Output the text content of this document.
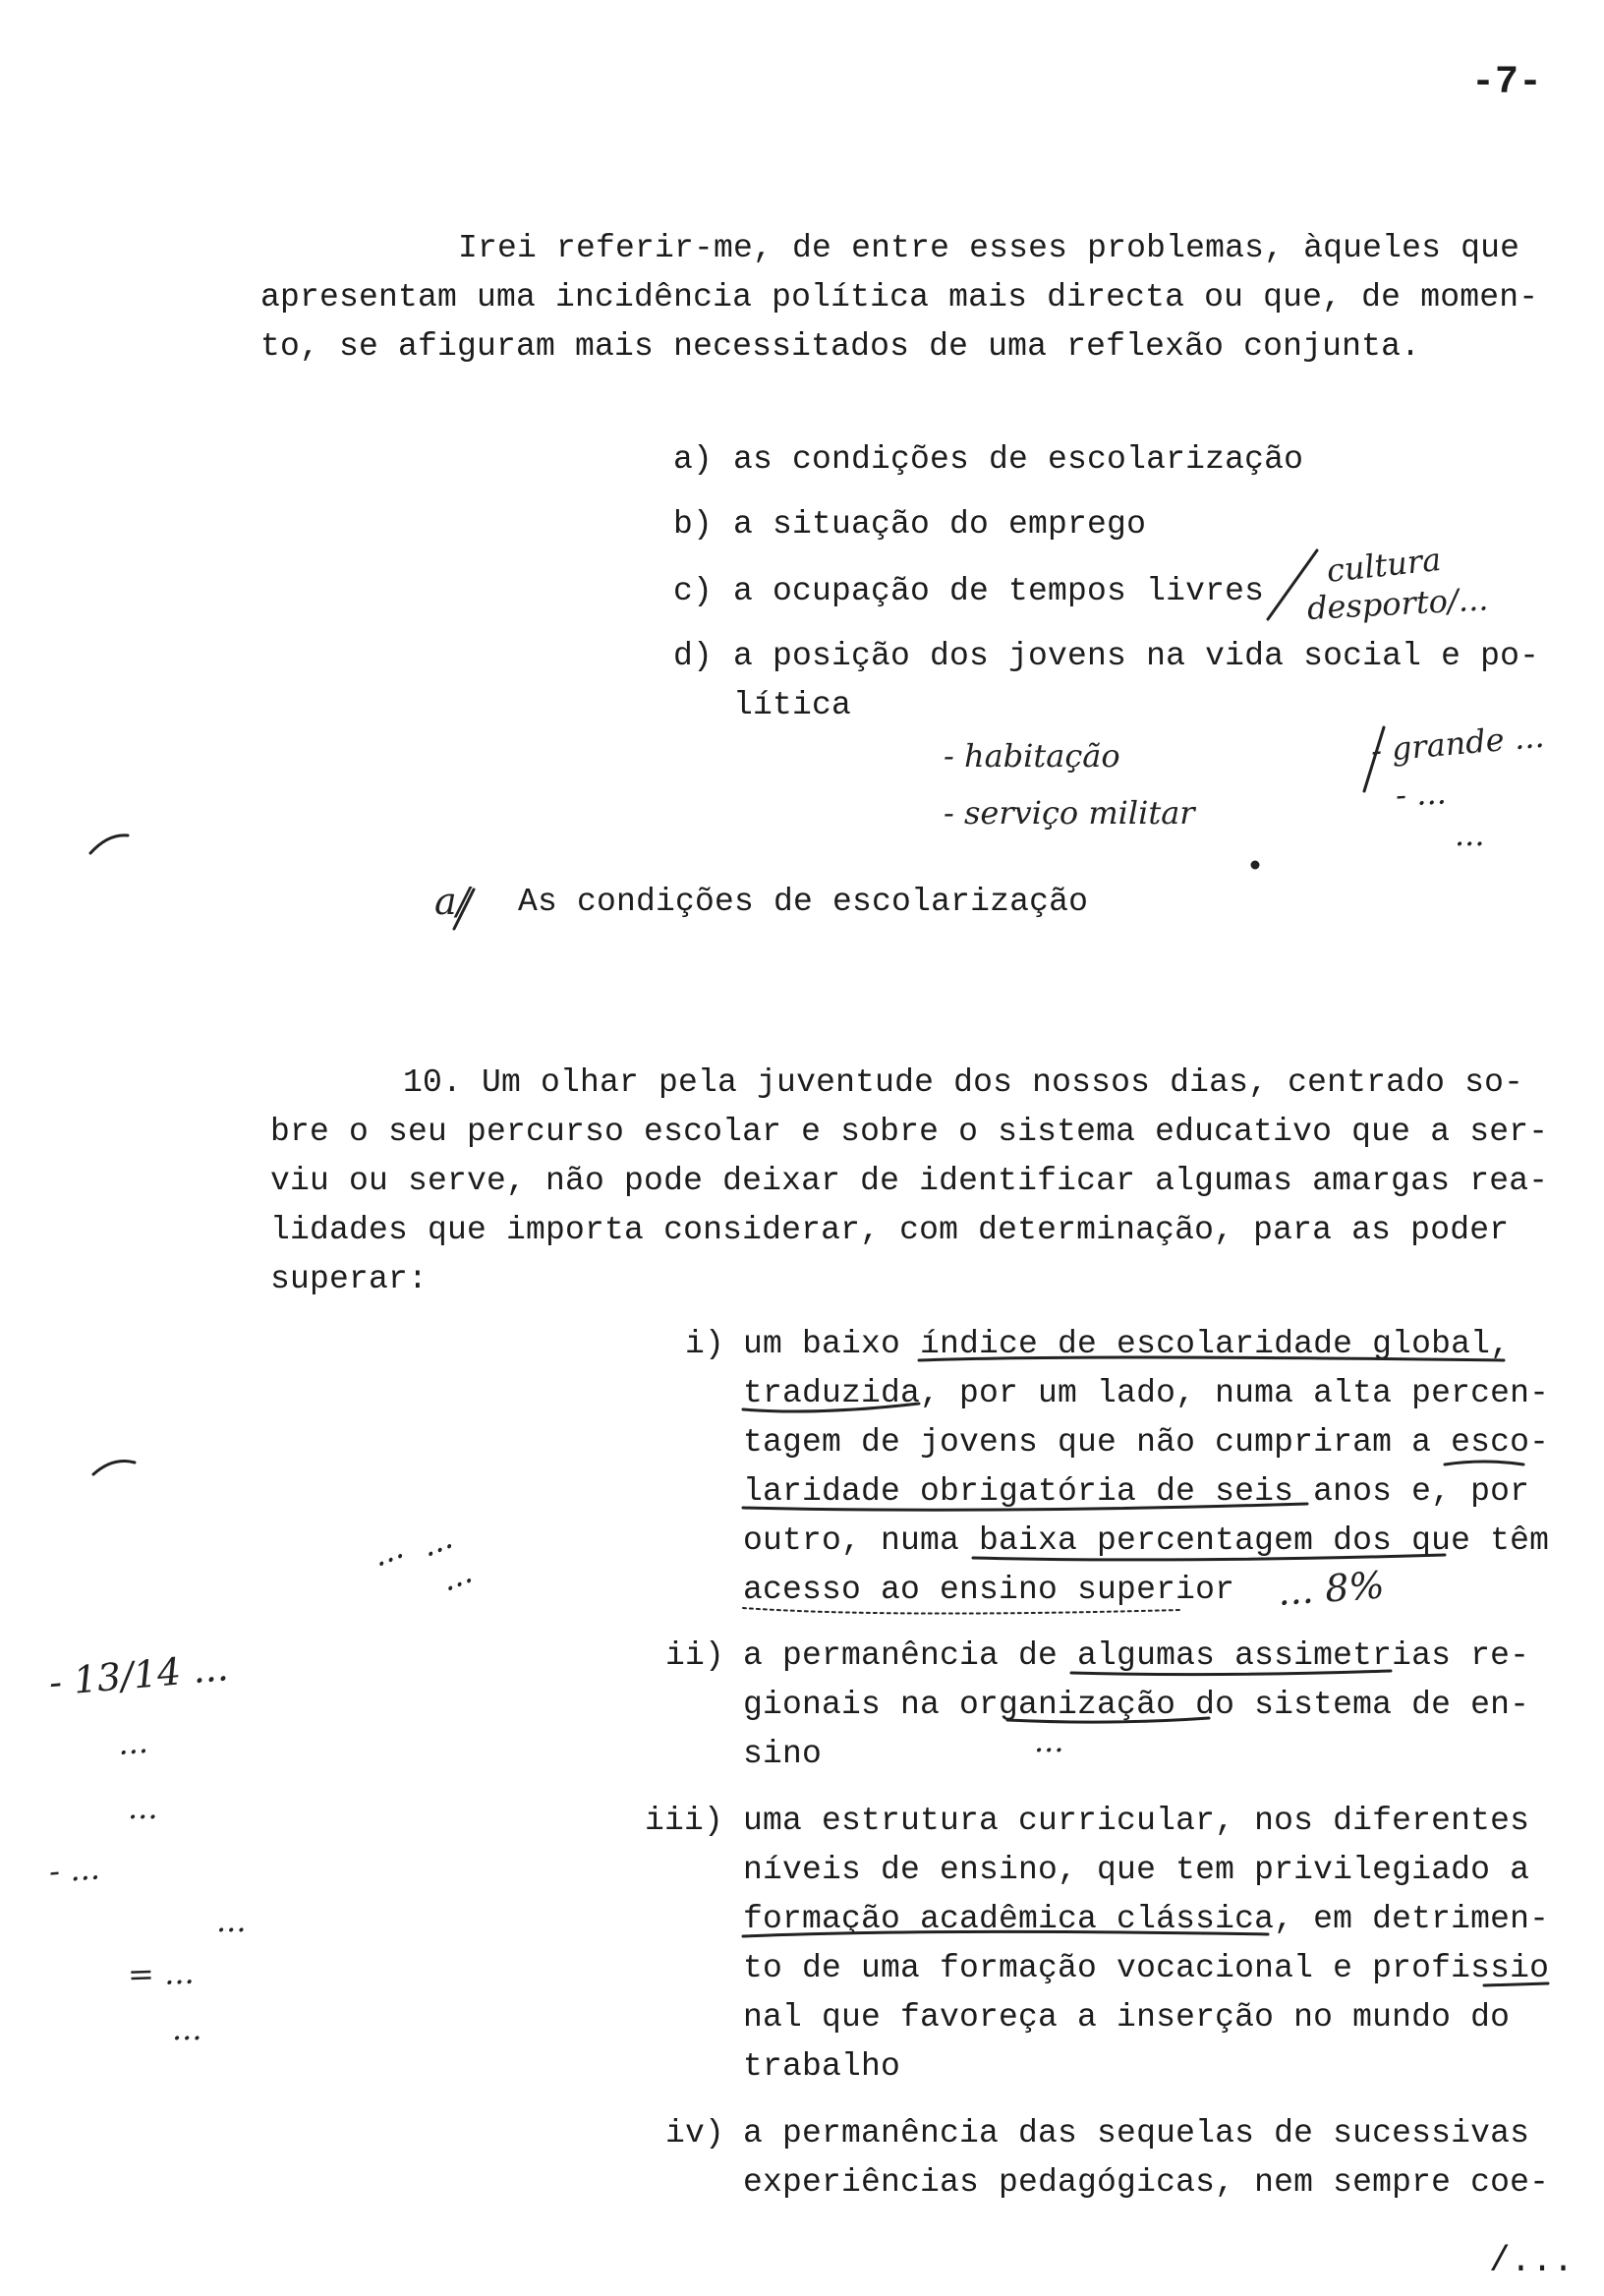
-7-
Irei referir-me, de entre esses problemas, àqueles que
apresentam uma incidência política mais directa ou que, de momen-
to, se afiguram mais necessitados de uma reflexão conjunta.
a) as condições de escolarização
b) a situação do emprego
c) a ocupação de tempos livres
d) a posição dos jovens na vida social e po-
lítica
a/ As condições de escolarização
10. Um olhar pela juventude dos nossos dias, centrado so-
bre o seu percurso escolar e sobre o sistema educativo que a ser-
viu ou serve, não pode deixar de identificar algumas amargas rea-
lidades que importa considerar, com determinação, para as poder
superar:
i) um baixo índice de escolaridade global,
traduzida, por um lado, numa alta percen-
tagem de jovens que não cumpriram a esco-
laridade obrigatória de seis anos e, por
outro, numa baixa percentagem dos que têm
acesso ao ensino superior
ii) a permanência de algumas assimetrias re-
gionais na organização do sistema de en-
sino
iii) uma estrutura curricular, nos diferentes
níveis de ensino, que tem privilegiado a
formação acadêmica clássica, em detrimen-
to de uma formação vocacional e profissio
nal que favoreça a inserção no mundo do
trabalho
iv) a permanência das sequelas de sucessivas
experiências pedagógicas, nem sempre coe-
/...
cultura
desporto/...
- habitação
- serviço militar
- grande ...
- ...
...
... 8%
...
... ...
...
- 13/14 ...
...
...
- ...
...
= ...
...
